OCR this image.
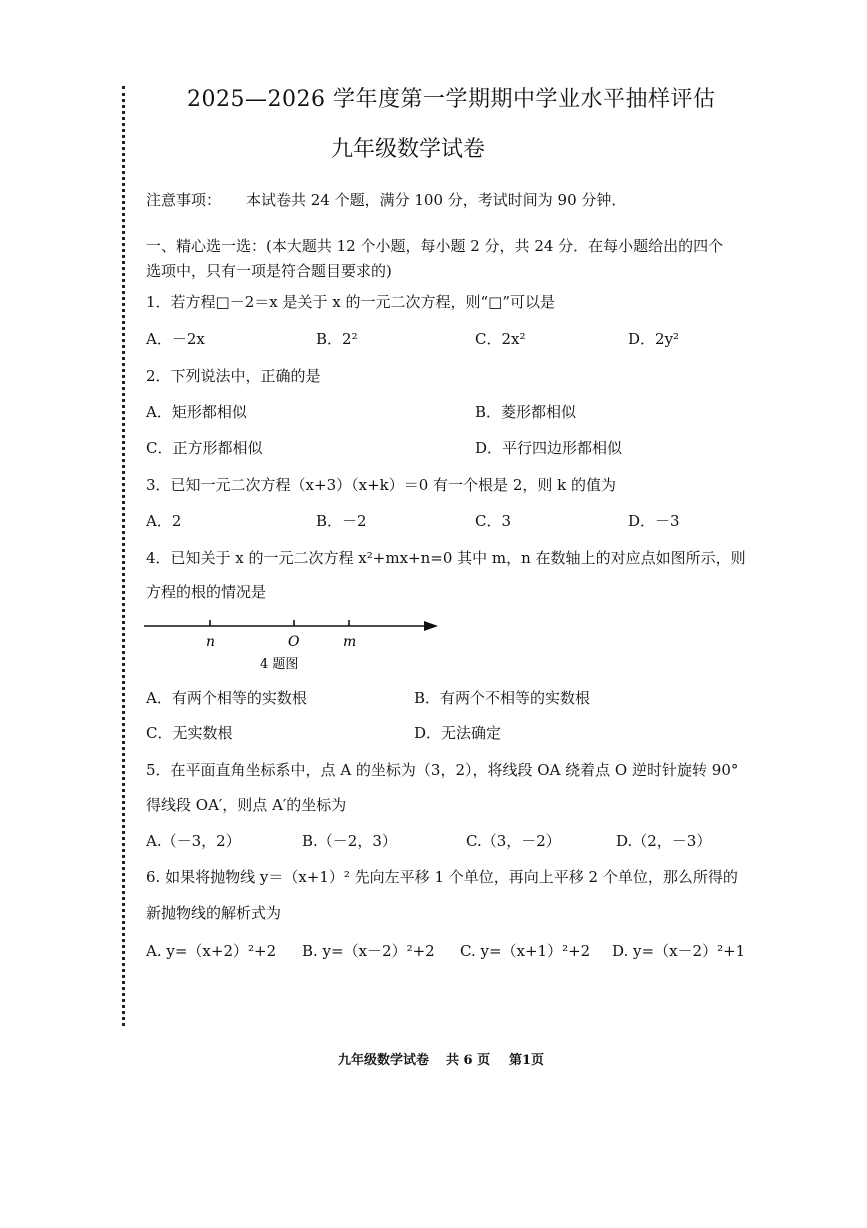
2025—2026 学年度第一学期期中学业水平抽样评估
九年级数学试卷
注意事项： 本试卷共 24 个题，满分 100 分，考试时间为 90 分钟．
一、精心选一选：(本大题共 12 个小题，每小题 2 分，共 24 分．在每小题给出的四个
选项中，只有一项是符合题目要求的)
1．若方程□－2＝x 是关于 x 的一元二次方程，则“□”可以是
A．－2x	B．2²	C．2x²	D．2y²
2．下列说法中，正确的是
A．矩形都相似	B．菱形都相似
C．正方形都相似	D．平行四边形都相似
3．已知一元二次方程（x+3）（x+k）＝0 有一个根是 2，则 k 的值为
A．2	B．－2	C．3	D．－3
4．已知关于 x 的一元二次方程 x²+mx+n=0 其中 m，n 在数轴上的对应点如图所示，则
方程的根的情况是
n	O	m
4 题图
A．有两个相等的实数根	B．有两个不相等的实数根
C．无实数根	D．无法确定
5．在平面直角坐标系中，点 A 的坐标为（3，2），将线段 OA 绕着点 O 逆时针旋转 90°
得线段 OA′，则点 A′的坐标为
A.（－3，2）	B.（－2，3）	C.（3，－2）	D.（2，－3）
6. 如果将抛物线 y＝（x+1）² 先向左平移 1 个单位，再向上平移 2 个单位，那么所得的
新抛物线的解析式为
A. y=（x+2）²+2 B. y=（x－2）²+2 C. y=（x+1）²+2 D. y=（x－2）²+1
九年级数学试卷 共 6 页 第1页
